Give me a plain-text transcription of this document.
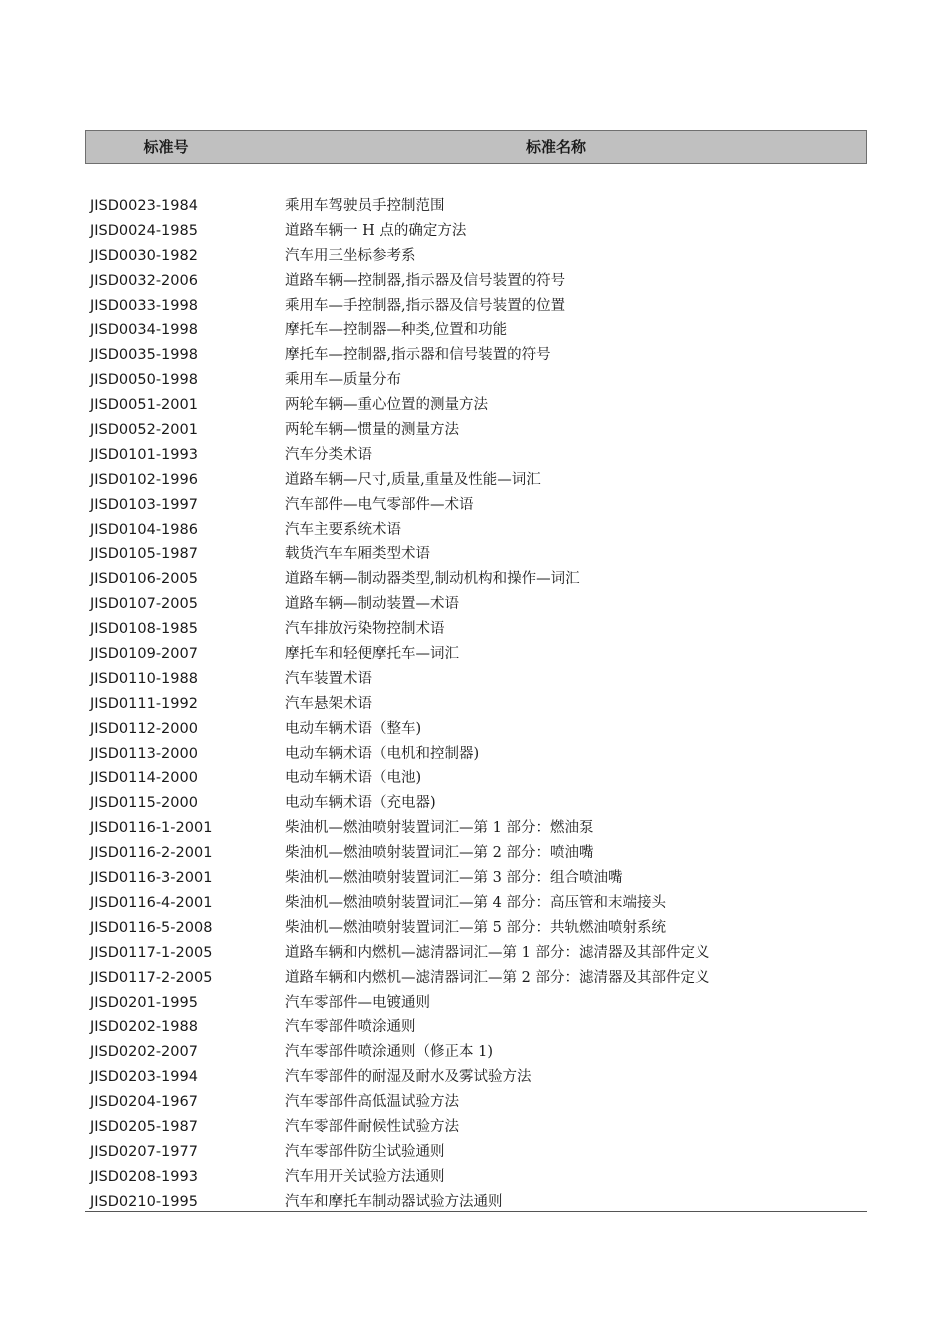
标准号	标准名称
JISD0023-1984	乘用车驾驶员手控制范围
JISD0024-1985	道路车辆一 H 点的确定方法
JISD0030-1982	汽车用三坐标参考系
JISD0032-2006	道路车辆—控制器,指示器及信号装置的符号
JISD0033-1998	乘用车—手控制器,指示器及信号装置的位置
JISD0034-1998	摩托车—控制器—种类,位置和功能
JISD0035-1998	摩托车—控制器,指示器和信号装置的符号
JISD0050-1998	乘用车—质量分布
JISD0051-2001	两轮车辆—重心位置的测量方法
JISD0052-2001	两轮车辆—惯量的测量方法
JISD0101-1993	汽车分类术语
JISD0102-1996	道路车辆—尺寸,质量,重量及性能—词汇
JISD0103-1997	汽车部件—电气零部件—术语
JISD0104-1986	汽车主要系统术语
JISD0105-1987	载货汽车车厢类型术语
JISD0106-2005	道路车辆—制动器类型,制动机构和操作—词汇
JISD0107-2005	道路车辆—制动装置—术语
JISD0108-1985	汽车排放污染物控制术语
JISD0109-2007	摩托车和轻便摩托车—词汇
JISD0110-1988	汽车装置术语
JISD0111-1992	汽车悬架术语
JISD0112-2000	电动车辆术语（整车)
JISD0113-2000	电动车辆术语（电机和控制器)
JISD0114-2000	电动车辆术语（电池)
JISD0115-2000	电动车辆术语（充电器)
JISD0116-1-2001	柴油机—燃油喷射装置词汇—第 1 部分：燃油泵
JISD0116-2-2001	柴油机—燃油喷射装置词汇—第 2 部分：喷油嘴
JISD0116-3-2001	柴油机—燃油喷射装置词汇—第 3 部分：组合喷油嘴
JISD0116-4-2001	柴油机—燃油喷射装置词汇—第 4 部分：高压管和末端接头
JISD0116-5-2008	柴油机—燃油喷射装置词汇—第 5 部分：共轨燃油喷射系统
JISD0117-1-2005	道路车辆和内燃机—滤清器词汇—第 1 部分：滤清器及其部件定义
JISD0117-2-2005	道路车辆和内燃机—滤清器词汇—第 2 部分：滤清器及其部件定义
JISD0201-1995	汽车零部件—电镀通则
JISD0202-1988	汽车零部件喷涂通则
JISD0202-2007	汽车零部件喷涂通则（修正本 1)
JISD0203-1994	汽车零部件的耐湿及耐水及雾试验方法
JISD0204-1967	汽车零部件高低温试验方法
JISD0205-1987	汽车零部件耐候性试验方法
JISD0207-1977	汽车零部件防尘试验通则
JISD0208-1993	汽车用开关试验方法通则
JISD0210-1995	汽车和摩托车制动器试验方法通则
